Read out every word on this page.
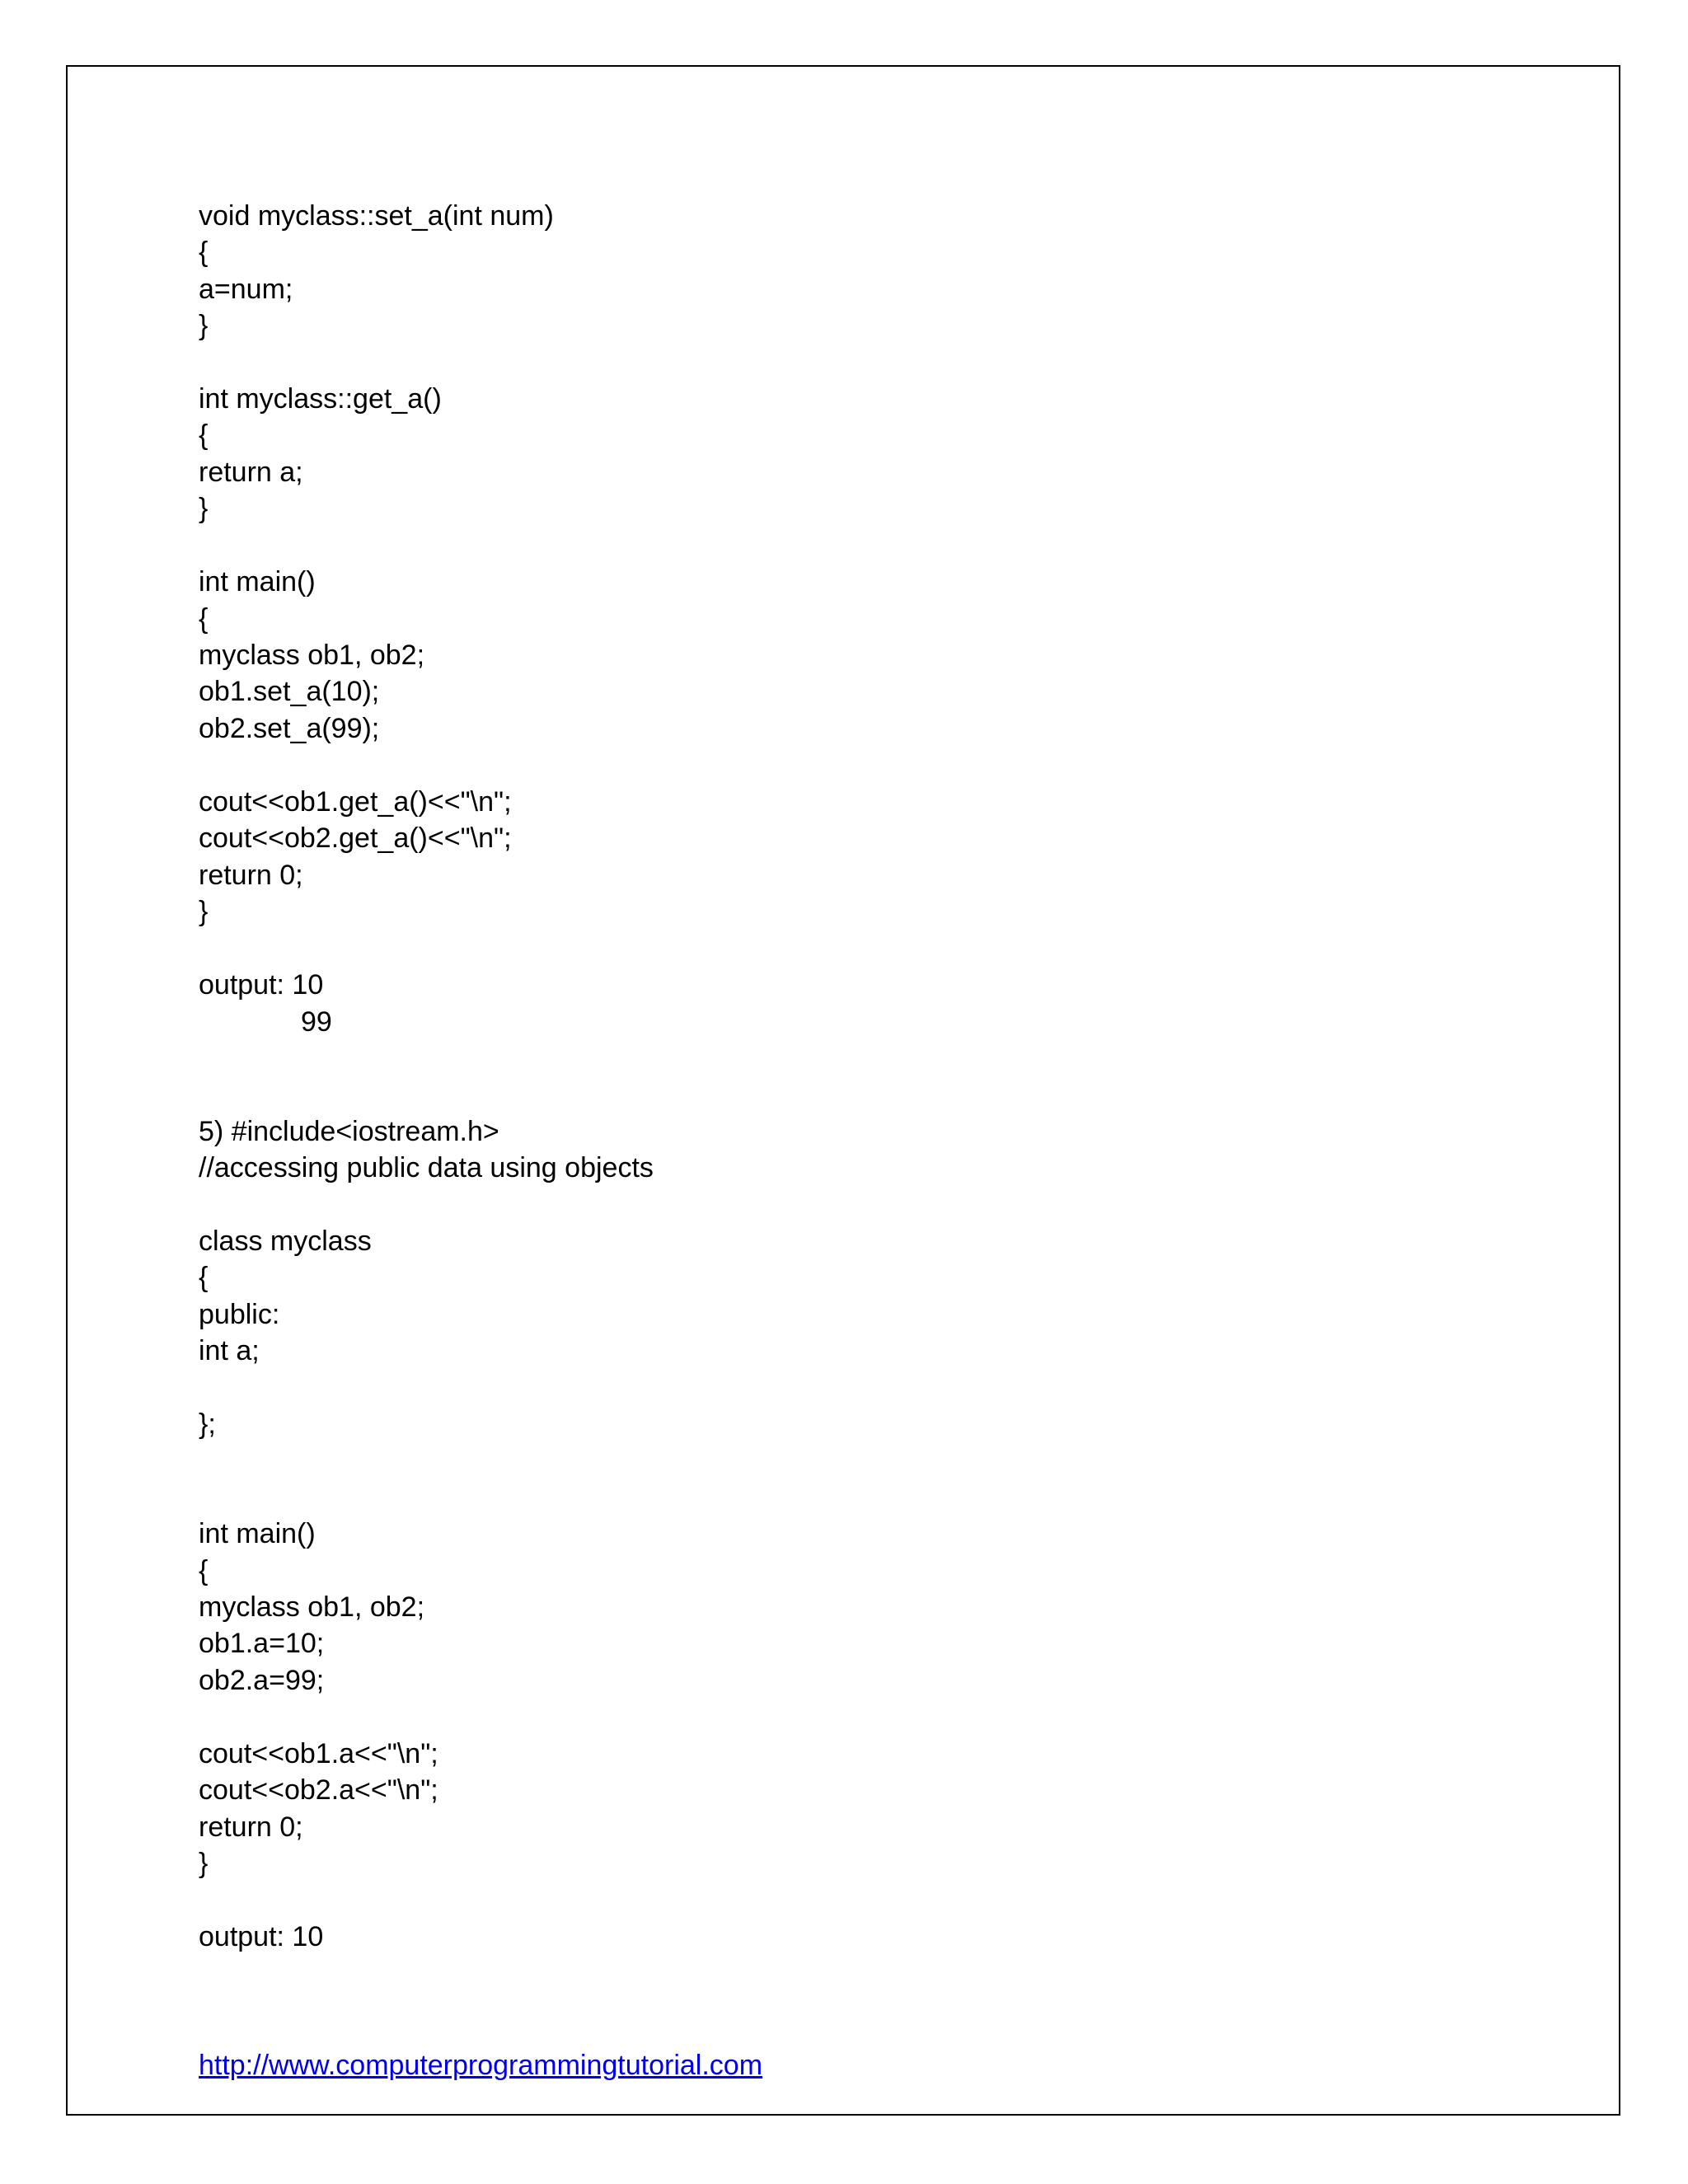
void myclass::set_a(int num)
{
a=num;
}
int myclass::get_a()
{
return a;
}
int main()
{
myclass ob1, ob2;
ob1.set_a(10);
ob2.set_a(99);
cout<<ob1.get_a()<<"\n";
cout<<ob2.get_a()<<"\n";
return 0;
}
output: 10
99
5) #include<iostream.h>
//accessing public data using objects
class myclass
{
public:
int a;
};
int main()
{
myclass ob1, ob2;
ob1.a=10;
ob2.a=99;
cout<<ob1.a<<"\n";
cout<<ob2.a<<"\n";
return 0;
}
output: 10
http://www.computerprogrammingtutorial.com
